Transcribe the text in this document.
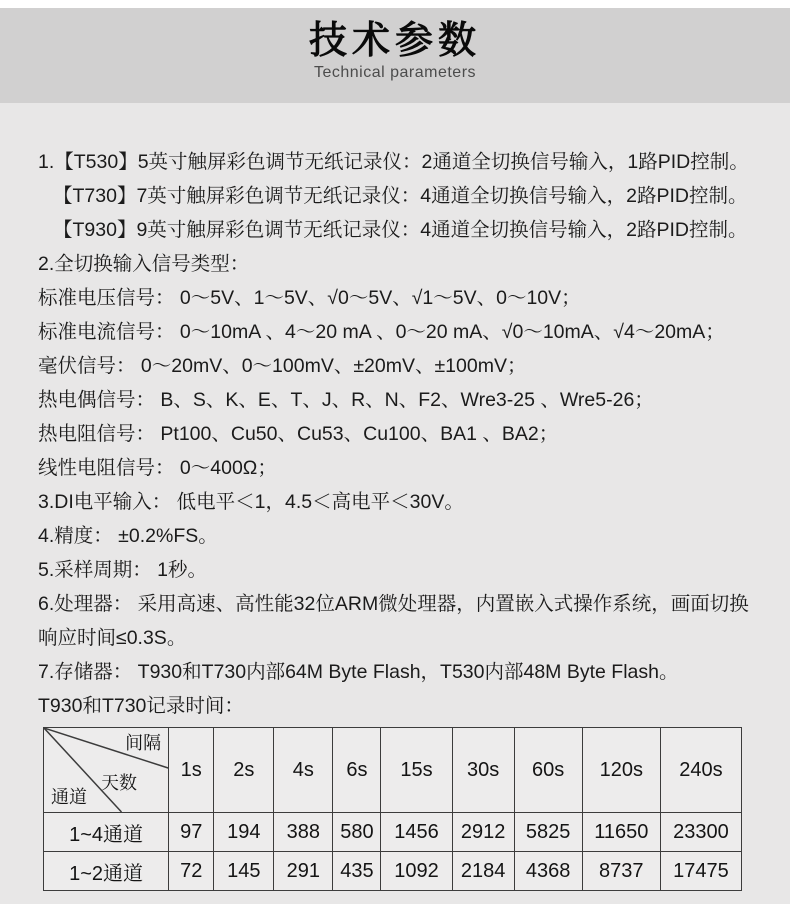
技术参数
Technical parameters
1.【T530】5英寸触屏彩色调节无纸记录仪：2通道全切换信号输入，1路PID控制。
【T730】7英寸触屏彩色调节无纸记录仪：4通道全切换信号输入，2路PID控制。
【T930】9英寸触屏彩色调节无纸记录仪：4通道全切换信号输入，2路PID控制。
2.全切换输入信号类型：
标准电压信号： 0～5V、1～5V、√0～5V、√1～5V、0～10V；
标准电流信号： 0～10mA 、4～20 mA 、0～20 mA、√0～10mA、√4～20mA；
毫伏信号： 0～20mV、0～100mV、±20mV、±100mV；
热电偶信号： B、S、K、E、T、J、R、N、F2、Wre3-25 、Wre5-26；
热电阻信号： Pt100、Cu50、Cu53、Cu100、BA1 、BA2；
线性电阻信号： 0～400Ω；
3.DI电平输入： 低电平＜1，4.5＜高电平＜30V。
4.精度： ±0.2%FS。
5.采样周期： 1秒。
6.处理器： 采用高速、高性能32位ARM微处理器，内置嵌入式操作系统，画面切换
响应时间≤0.3S。
7.存储器： T930和T730内部64M Byte Flash，T530内部48M Byte Flash。
T930和T730记录时间：
间隔
天数
通道	1s	2s	4s	6s	15s	30s	60s	120s	240s
1~4通道	97	194	388	580	1456	2912	5825	11650	23300
1~2通道	72	145	291	435	1092	2184	4368	8737	17475
